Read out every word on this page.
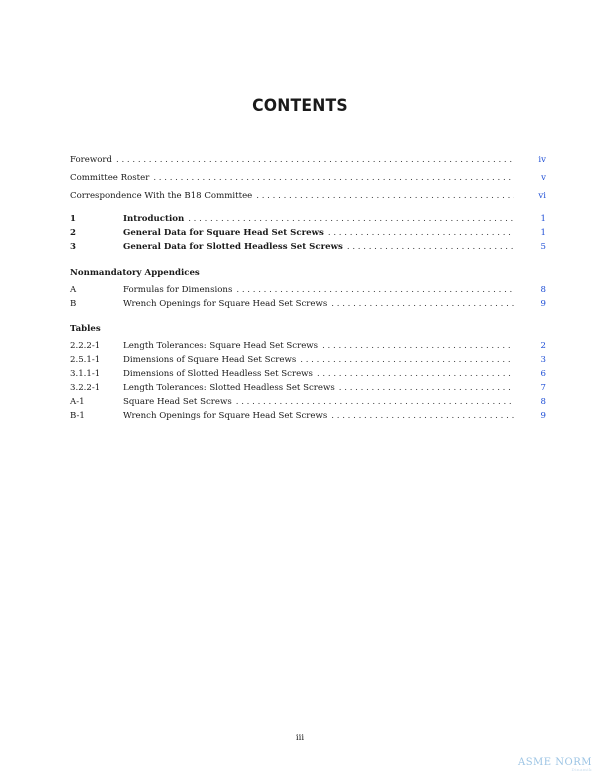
CONTENTS
Foreword . . .	iv
Committee Roster . . .	v
Correspondence With the B18 Committee . . .	vi
1	Introduction . . .	1
2	General Data for Square Head Set Screws . . .	1
3	General Data for Slotted Headless Set Screws . . .	5
Nonmandatory Appendices
A	Formulas for Dimensions . . .	8
B	Wrench Openings for Square Head Set Screws . . .	9
Tables
2.2.2-1	Length Tolerances: Square Head Set Screws . . .	2
2.5.1-1	Dimensions of Square Head Set Screws . . .	3
3.1.1-1	Dimensions of Slotted Headless Set Screws . . .	6
3.2.2-1	Length Tolerances: Slotted Headless Set Screws . . .	7
A-1	Square Head Set Screws . . .	8
B-1	Wrench Openings for Square Head Set Screws . . .	9
iii
ASME NORM
Dinamik
